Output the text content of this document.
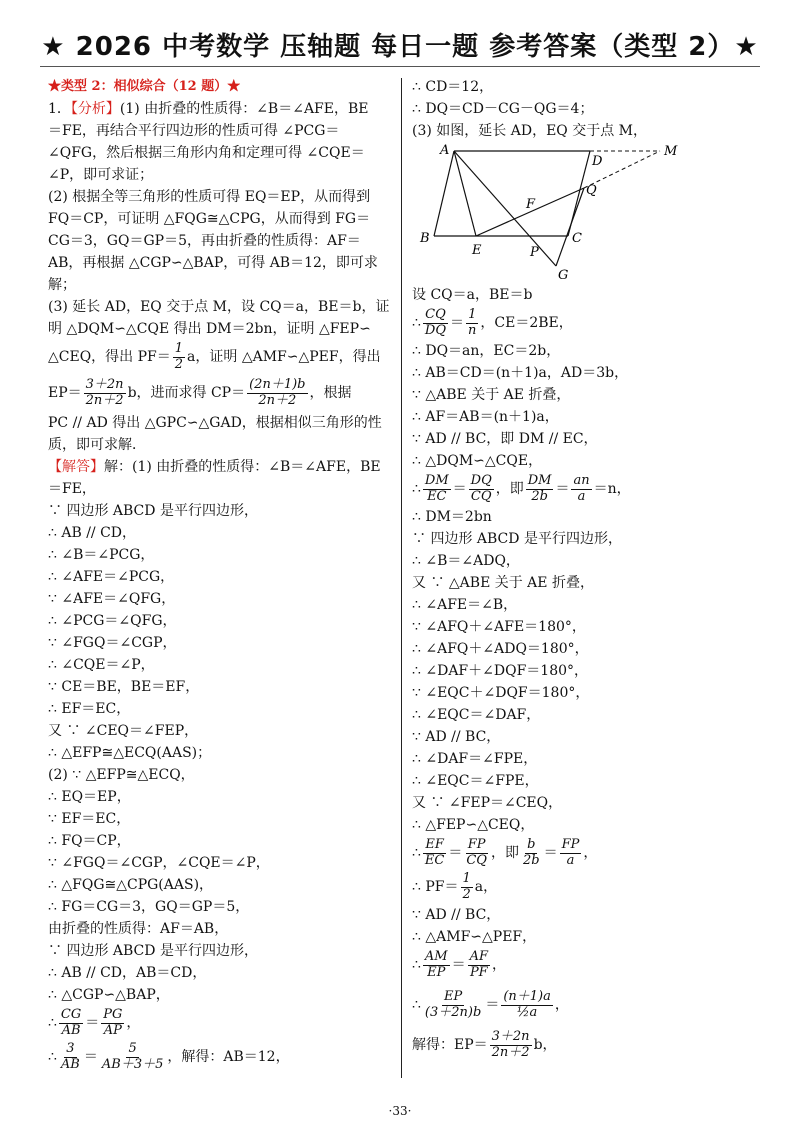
★ 2026 中考数学 压轴题 每日一题 参考答案（类型 2）★
★类型 2：相似综合（12 题）★
1．【分析】(1) 由折叠的性质得：∠B＝∠AFE，BE
＝FE，再结合平行四边形的性质可得 ∠PCG＝
∠QFG，然后根据三角形内角和定理可得 ∠CQE＝
∠P，即可求证；
(2) 根据全等三角形的性质可得 EQ＝EP，从而得到
FQ＝CP，可证明 △FQG≅△CPG，从而得到 FG＝
CG＝3，GQ＝GP＝5，再由折叠的性质得：AF＝
AB，再根据 △CGP∽△BAP，可得 AB＝12，即可求
解；
(3) 延长 AD，EQ 交于点 M，设 CQ＝a，BE＝b，证
明 △DQM∽△CQE 得出 DM＝2bn，证明 △FEP∽
△CEQ，得出 $PF= \frac{1}{2}$ a，证明 △AMF∽△PEF，得出
$EP= \frac{3+2n}{2n+2}$ b，进而求得 $CP= \frac{(2n+1)b}{2n+2}$ ，根据
PC // AD 得出 △GPC∽△GAD，根据相似三角形的性
质，即可求解．
【解答】解：(1) 由折叠的性质得：∠B＝∠AFE，BE
＝FE，
∵ 四边形 ABCD 是平行四边形，
∴ AB // CD，
∴ ∠B＝∠PCG，
∴ ∠AFE＝∠PCG，
∵ ∠AFE＝∠QFG，
∴ ∠PCG＝∠QFG，
∵ ∠FGQ＝∠CGP，
∴ ∠CQE＝∠P，
∵ CE＝BE，BE＝EF，
∴ EF＝EC，
又 ∵ ∠CEQ＝∠FEP，
∴ △EFP≅△ECQ(AAS)；
(2) ∵ △EFP≅△ECQ，
∴ EQ＝EP，
∵ EF＝EC，
∴ FQ＝CP，
∵ ∠FGQ＝∠CGP，∠CQE＝∠P，
∴ △FQG≅△CPG(AAS)，
∴ FG＝CG＝3，GQ＝GP＝5，
由折叠的性质得：AF＝AB，
∵ 四边形 ABCD 是平行四边形，
∴ AB // CD，AB＝CD，
∴ △CGP∽△BAP，
∴ $\frac{CG}{AB} = \frac{PG}{AP}$ ，
∴ $\frac{3}{AB} = \frac{5}{AB+3+5}$ ，解得：AB＝12，
∴ CD＝12，
∴ DQ＝CD－CG－QG＝4；
(3) 如图，延长 AD，EQ 交于点 M，
A
D
M
Q
F
B
E	P
C
G
设 CQ＝a，BE＝b
∴ $\frac{CQ}{DQ} = \frac{1}{n}$ ，CE＝2BE，
∴ DQ＝an，EC＝2b，
∴ AB＝CD＝(n＋1)a，AD＝3b，
∵ △ABE 关于 AE 折叠，
∴ AF＝AB＝(n＋1)a，
∵ AD // BC，即 DM // EC，
∴ △DQM∽△CQE，
∴ $\frac{DM}{EC} = \frac{DQ}{CQ}$ ，即 $\frac{DM}{2b} = \frac{an}{a} =n$，
∴ DM＝2bn
∵ 四边形 ABCD 是平行四边形，
∴ ∠B＝∠ADQ，
又 ∵ △ABE 关于 AE 折叠，
∴ ∠AFE＝∠B，
∵ ∠AFQ＋∠AFE＝180°，
∴ ∠AFQ＋∠ADQ＝180°，
∴ ∠DAF＋∠DQF＝180°，
∵ ∠EQC＋∠DQF＝180°，
∴ ∠EQC＝∠DAF，
∵ AD // BC，
∴ ∠DAF＝∠FPE，
∴ ∠EQC＝∠FPE，
又 ∵ ∠FEP＝∠CEQ，
∴ △FEP∽△CEQ，
∴ $\frac{EF}{EC} = \frac{FP}{CQ}$ ，即 $\frac{b}{2b} = \frac{FP}{a}$ ，
∴ $PF= \frac{1}{2}$ a，
∵ AD // BC，
∴ △AMF∽△PEF，
∴ $\frac{AM}{EP} = \frac{AF}{PF}$ ，
∴ $\frac{EP}{(3+2n)b} = \frac{(n+1)a}{\text{½a}}$ ，
解得：$EP= \frac{3+2n}{2n+2}$ b，
·33·
